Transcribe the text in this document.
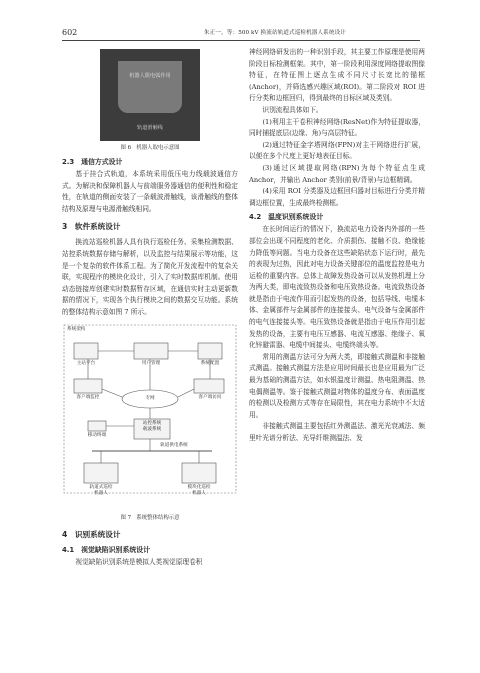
602	朱正一，等：500 kV 换流站轨道式巡检机器人系统设计
机器人限电弧作用
轨道滑触线
图 6　机器人取电示意图
2.3　通信方式设计

基于挂合式轨道，本系统采用低压电力线载波通信方式。为解决和保障机器人与前端服务器通信的便利性和稳定性，在轨道的侧面安装了一条载波滑触线，该滑触线的整体结构及原理与电源滑触线相同。

3　软件系统设计

换流站巡检机器人具有执行巡检任务、采集检测数据、站控系统数据存储与解析，以及监控与结果展示等功能，这是一个复杂的软件体系工程。为了简化开发流程中的复杂关联，实现程序的模块化设计，引入了实时数据库机制。使用动态链接库创建实时数据暂存区域，在通信实时主动更新数据的情况下，实现各个执行模块之间的数据交互功能。系统的整体结构示意如图 7 所示。

系统架构
主站平台	用户管理	系统配置
客户端监控	客户端访问
专网
移动终端
站控系统
载波系统
轨道供电系统
轨道式巡检
机器人
模块化巡检
机器人
图 7　系统整体结构示意
4　识别系统设计
4.1　视觉缺陷识别系统设计

视觉缺陷识别系统是模拟人类视觉原理卷积

神经网络研发出的一种识别手段，其主要工作原理是使用两阶段目标检测框架。其中，第一阶段利用深度网络提取图像特征，在特征图上逐点生成不同尺寸长宽比的锚框(Anchor)，并筛选感兴趣区域(ROI)。第二阶段对 ROI 进行分类和边框回归，得到最终的目标区域及类别。

识别流程具体如下。

(1)利用主干卷积神经网络(ResNet)作为特征提取器，同时捕捉底层(边缘、角)与高层特征。

(2)通过特征金字塔网络(FPN)对主干网络进行扩展，以便在多个尺度上更好地表征目标。

(3)通过区域提取网络(RPN)为每个特征点生成 Anchor，并输出 Anchor 类别(前景/背景)与边框精调。

(4)采用 ROI 分类器及边框回归器对目标进行分类并精调边框位置，生成最终检测框。

4.2　温度识别系统设计

在长时间运行的情况下，换流站电力设备内外部的一些部位会出现不同程度的老化、介质损伤、接触不良、绝缘能力降低等问题。当电力设备在这些缺陷状态下运行时，最先的表现为过热，因此对电力设备关键部位的温度监控是电力运检的重要内容。总体上故障发热设备可以从发热机理上分为两大类，即电流致热设备和电压致热设备。电流致热设备就是指由于电流作用而引起发热的设备，包括导线、电缆本体、金属部件与金属部件的连接接头、电气设备与金属部件的电气连接接头等。电压致热设备就是指由于电压作用引起发热的设备，主要有电压互感器、电流互感器、绝缘子、氧化锌避雷器、电缆中间接头、电缆终端头等。

常用的测温方法可分为两大类，即接触式测温和非接触式测温。接触式测温方法是应用时间最长也是应用最为广泛最为基础的测温方法，如水银温度计测温、热电阻测温、热电偶测温等。鉴于接触式测温对物体的温度分布、表面温度的检测以及检测方式等存在局限性，其在电力系统中不太适用。

非接触式测温主要包括红外测温法、激光光衰减法、频里叶光谱分析法、光导纤维测温法、发
